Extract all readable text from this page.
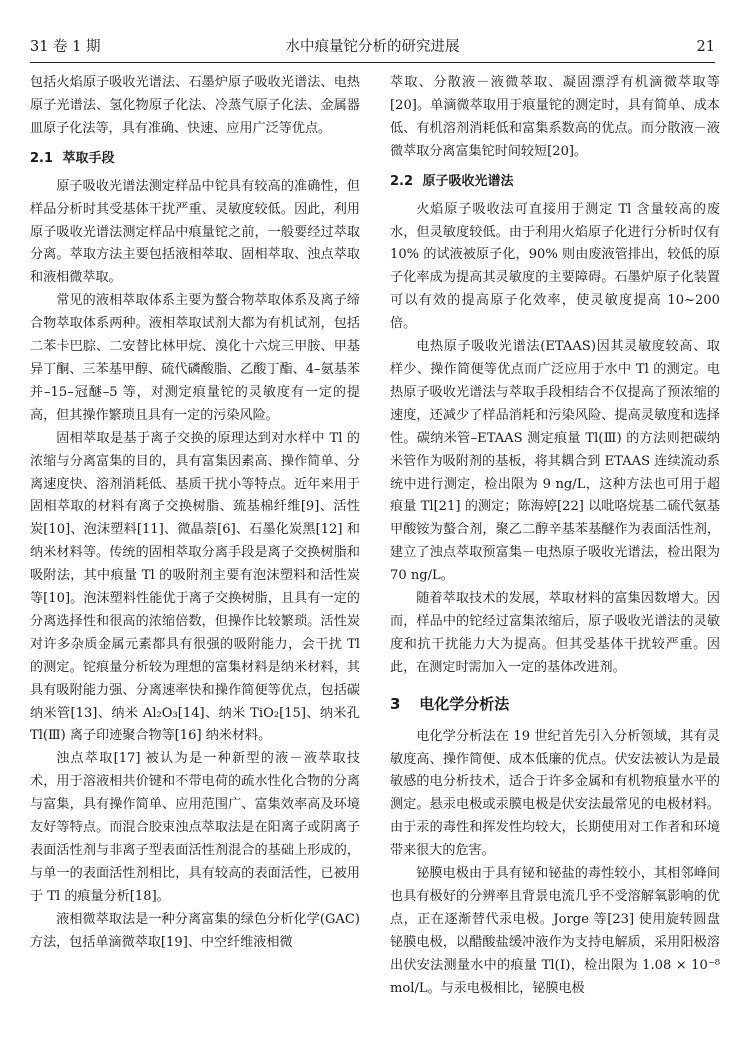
31 卷 1 期	水中痕量铊分析的研究进展	21

包括火焰原子吸收光谱法、石墨炉原子吸收光谱法、电热原子光谱法、氢化物原子化法、冷蒸气原子化法、金属器皿原子化法等，具有准确、快速、应用广泛等优点。

2.1 萃取手段

原子吸收光谱法测定样品中铊具有较高的准确性，但样品分析时其受基体干扰严重、灵敏度较低。因此，利用原子吸收光谱法测定样品中痕量铊之前，一般要经过萃取分离。萃取方法主要包括液相萃取、固相萃取、浊点萃取和液相微萃取。

常见的液相萃取体系主要为螯合物萃取体系及离子缔合物萃取体系两种。液相萃取试剂大都为有机试剂，包括二苯卡巴腙、二安替比林甲烷、溴化十六烷三甲胺、甲基异丁酮、三苯基甲醇、硫代磷酸脂、乙酸丁酯、4–氨基苯并–15–冠醚–5 等，对测定痕量铊的灵敏度有一定的提高，但其操作繁琐且具有一定的污染风险。

固相萃取是基于离子交换的原理达到对水样中 Tl 的浓缩与分离富集的目的，具有富集因素高、操作简单、分离速度快、溶剂消耗低、基质干扰小等特点。近年来用于固相萃取的材料有离子交换树脂、巯基棉纤维[9]、活性炭[10]、泡沫塑料[11]、微晶萘[6]、石墨化炭黑[12] 和纳米材料等。传统的固相萃取分离手段是离子交换树脂和吸附法，其中痕量 Tl 的吸附剂主要有泡沫塑料和活性炭等[10]。泡沫塑料性能优于离子交换树脂，且具有一定的分离选择性和很高的浓缩倍数，但操作比较繁琐。活性炭对许多杂质金属元素都具有很强的吸附能力，会干扰 Tl 的测定。铊痕量分析较为理想的富集材料是纳米材料，其具有吸附能力强、分离速率快和操作简便等优点，包括碳纳米管[13]、纳米 Al₂O₃[14]、纳米 TiO₂[15]、纳米孔 Tl(Ⅲ) 离子印迹聚合物等[16] 纳米材料。

浊点萃取[17] 被认为是一种新型的液－液萃取技术，用于溶液相共价键和不带电荷的疏水性化合物的分离与富集，具有操作简单、应用范围广、富集效率高及环境友好等特点。而混合胶束浊点萃取法是在阳离子或阴离子表面活性剂与非离子型表面活性剂混合的基础上形成的，与单一的表面活性剂相比，具有较高的表面活性，已被用于 Tl 的痕量分析[18]。

液相微萃取法是一种分离富集的绿色分析化学(GAC)方法，包括单滴微萃取[19]、中空纤维液相微

萃取、分散液－液微萃取、凝固漂浮有机滴微萃取等[20]。单滴微萃取用于痕量铊的测定时，具有简单、成本低、有机溶剂消耗低和富集系数高的优点。而分散液－液微萃取分离富集铊时间较短[20]。

2.2 原子吸收光谱法

火焰原子吸收法可直接用于测定 Tl 含量较高的废水，但灵敏度较低。由于利用火焰原子化进行分析时仅有 10% 的试液被原子化，90% 则由废液管排出，较低的原子化率成为提高其灵敏度的主要障碍。石墨炉原子化装置可以有效的提高原子化效率，使灵敏度提高 10~200 倍。

电热原子吸收光谱法(ETAAS)因其灵敏度较高、取样少、操作简便等优点而广泛应用于水中 Tl 的测定。电热原子吸收光谱法与萃取手段相结合不仅提高了预浓缩的速度，还减少了样品消耗和污染风险、提高灵敏度和选择性。碳纳米管–ETAAS 测定痕量 Tl(Ⅲ) 的方法则把碳纳米管作为吸附剂的基板，将其耦合到 ETAAS 连续流动系统中进行测定，检出限为 9 ng/L，这种方法也可用于超痕量 Tl[21] 的测定；陈海婷[22] 以吡咯烷基二硫代氨基甲酸铵为螯合剂，聚乙二醇辛基苯基醚作为表面活性剂，建立了浊点萃取预富集－电热原子吸收光谱法，检出限为 70 ng/L。

随着萃取技术的发展，萃取材料的富集因数增大。因而，样品中的铊经过富集浓缩后，原子吸收光谱法的灵敏度和抗干扰能力大为提高。但其受基体干扰较严重。因此，在测定时需加入一定的基体改进剂。

3 电化学分析法

电化学分析法在 19 世纪首先引入分析领域，其有灵敏度高、操作简便、成本低廉的优点。伏安法被认为是最敏感的电分析技术，适合于许多金属和有机物痕量水平的测定。悬汞电极或汞膜电极是伏安法最常见的电极材料。由于汞的毒性和挥发性均较大，长期使用对工作者和环境带来很大的危害。

铋膜电极由于具有铋和铋盐的毒性较小，其相邻峰间也具有极好的分辨率且背景电流几乎不受溶解氧影响的优点，正在逐渐替代汞电极。Jorge 等[23] 使用旋转圆盘铋膜电极，以醋酸盐缓冲液作为支持电解质，采用阳极溶出伏安法测量水中的痕量 Tl(Ⅰ)，检出限为 1.08 × 10⁻⁸ mol/L。与汞电极相比，铋膜电极
